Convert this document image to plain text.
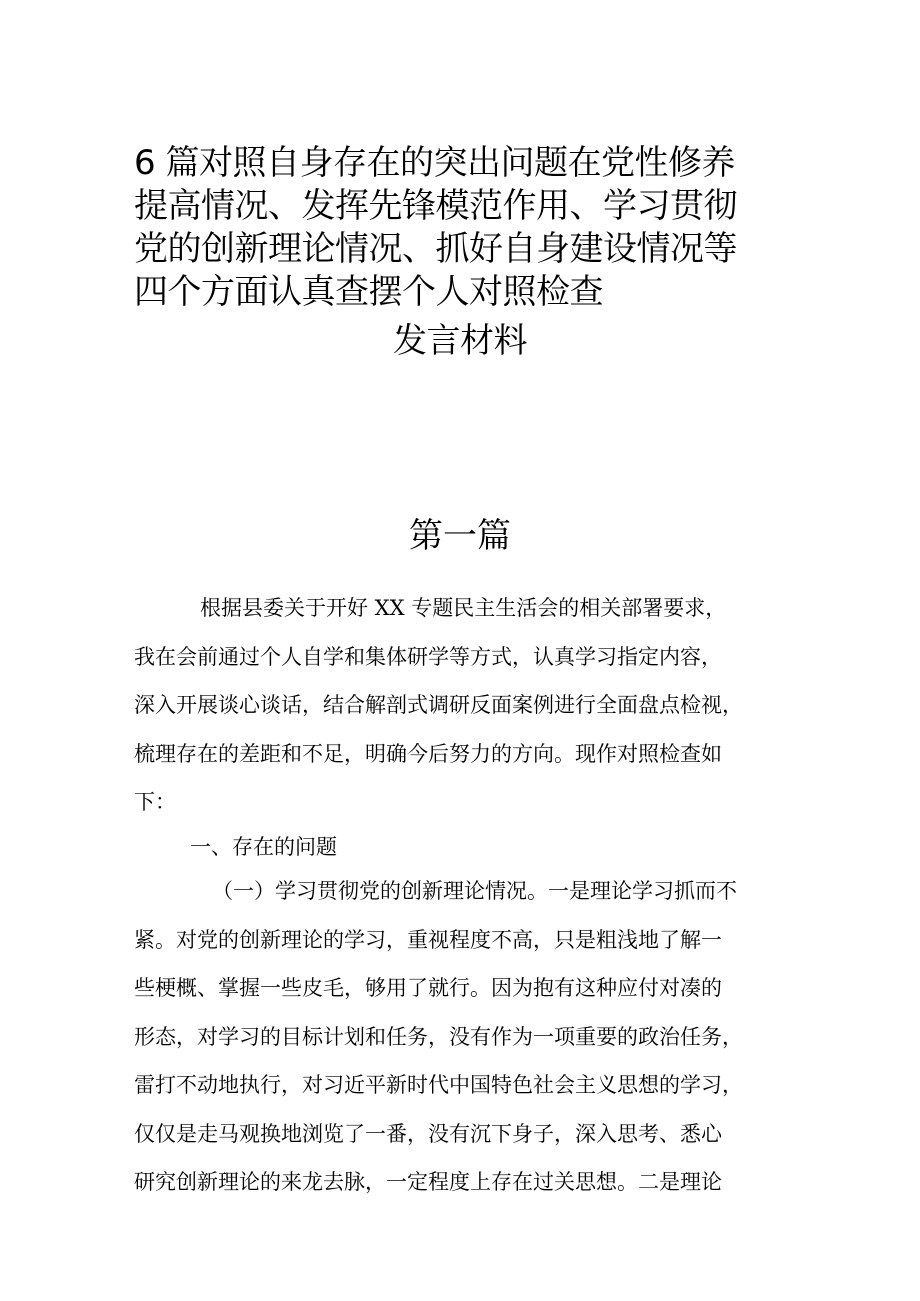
6 篇对照自身存在的突出问题在党性修养
提高情况、发挥先锋模范作用、学习贯彻
党的创新理论情况、抓好自身建设情况等
四个方面认真查摆个人对照检查
发言材料
第一篇
根据县委关于开好 XX 专题民主生活会的相关部署要求，
我在会前通过个人自学和集体研学等方式，认真学习指定内容，
深入开展谈心谈话，结合解剖式调研反面案例进行全面盘点检视，
梳理存在的差距和不足，明确今后努力的方向。现作对照检查如
下：
一、存在的问题
（一）学习贯彻党的创新理论情况。一是理论学习抓而不
紧。对党的创新理论的学习，重视程度不高，只是粗浅地了解一
些梗概、掌握一些皮毛，够用了就行。因为抱有这种应付对凑的
形态，对学习的目标计划和任务，没有作为一项重要的政治任务，
雷打不动地执行，对习近平新时代中国特色社会主义思想的学习，
仅仅是走马观换地浏览了一番，没有沉下身子，深入思考、悉心
研究创新理论的来龙去脉，一定程度上存在过关思想。二是理论
